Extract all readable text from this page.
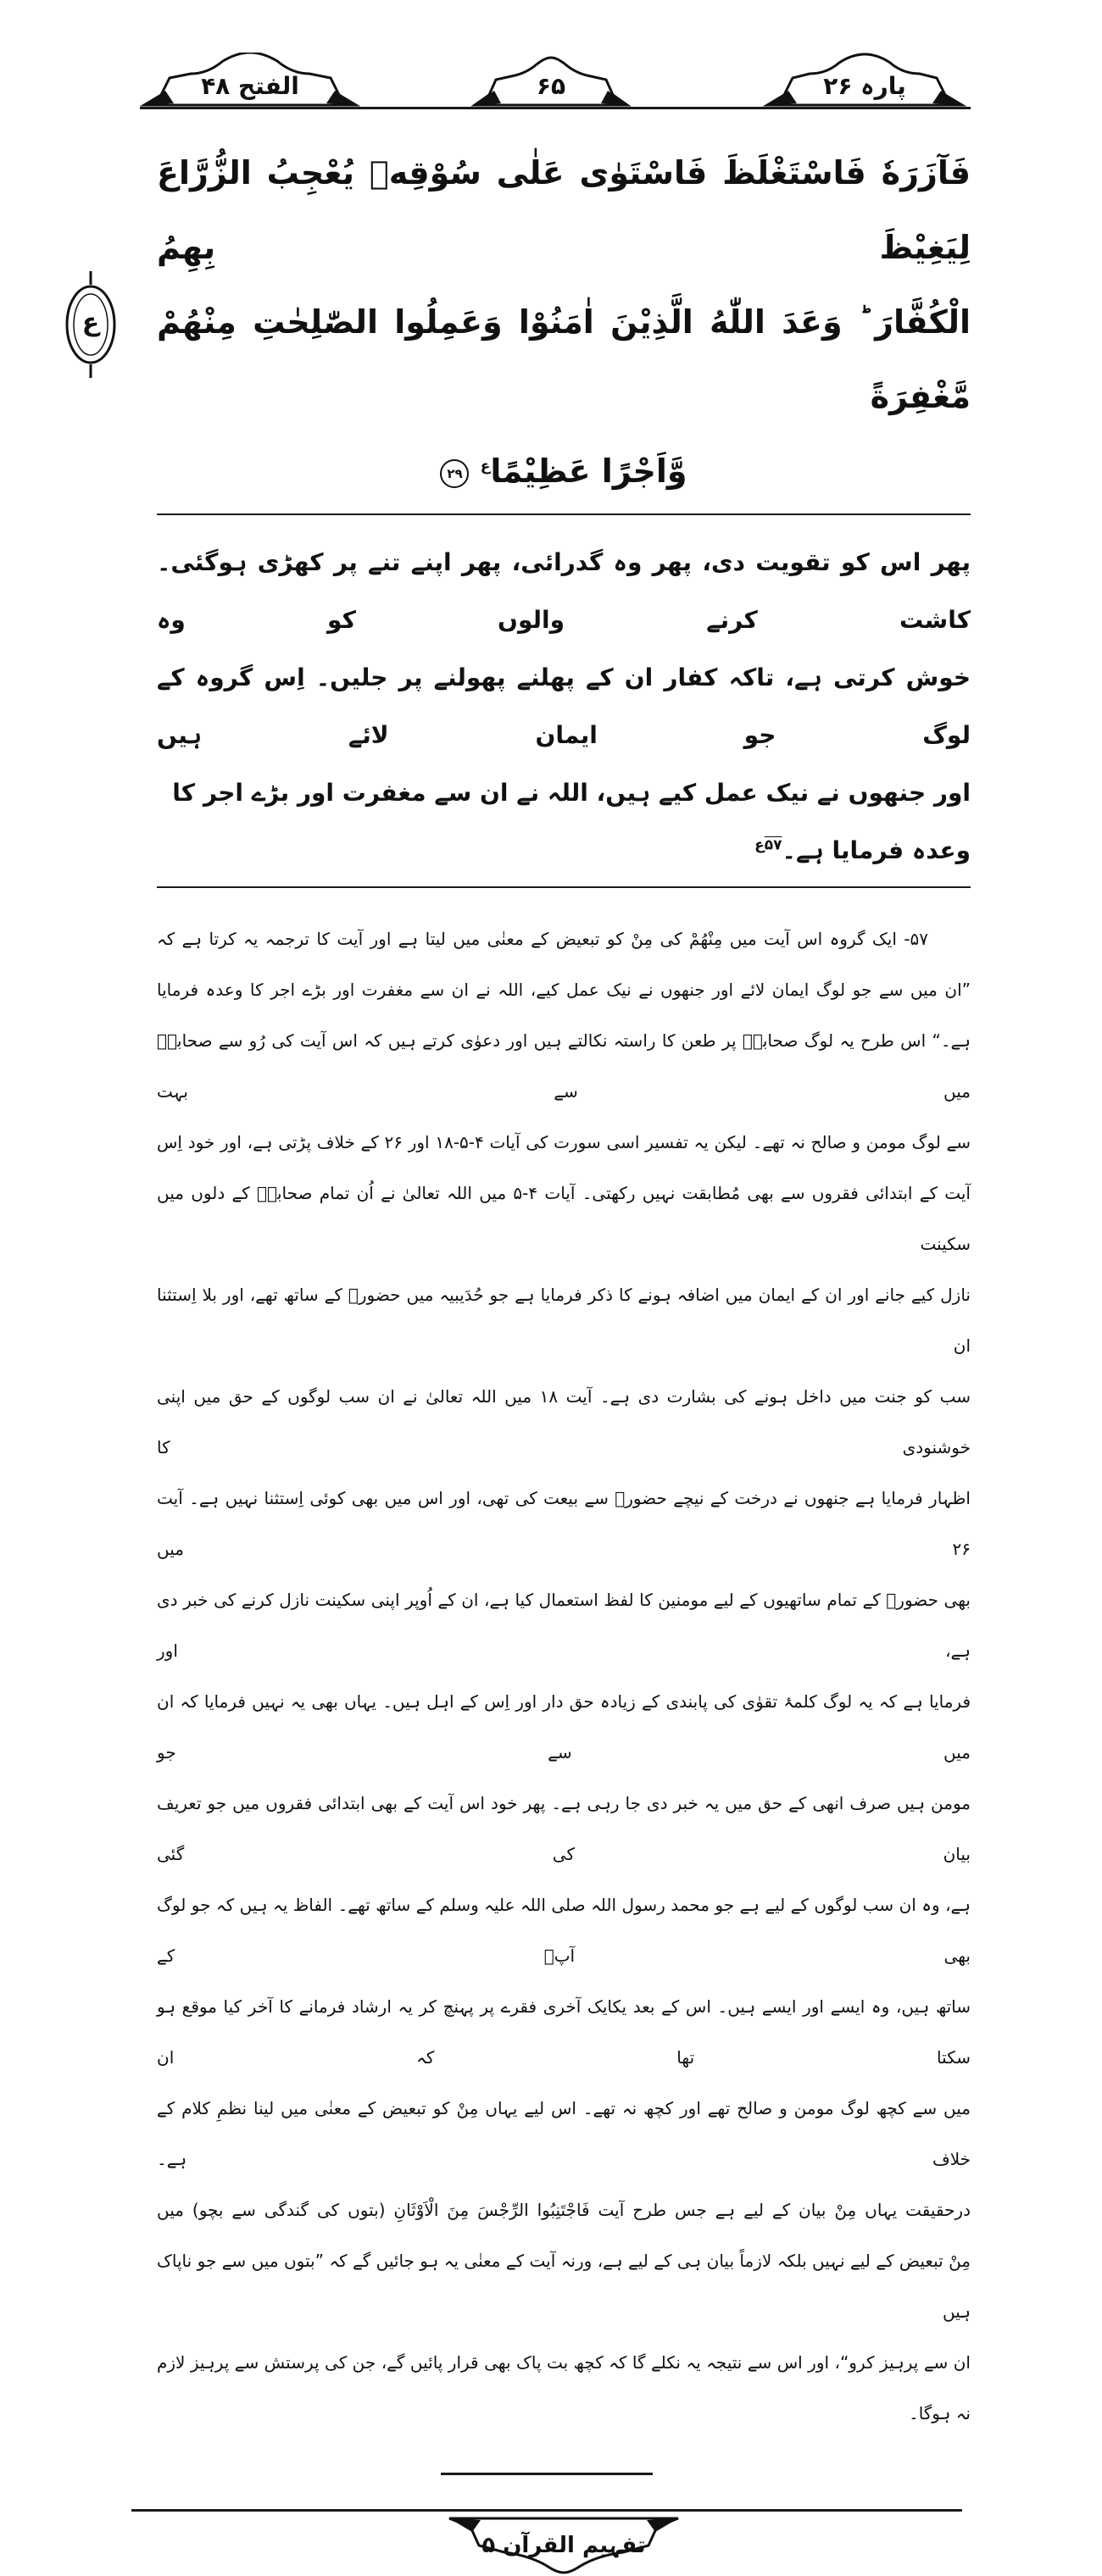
پارہ ۲۶
۶۵
الفتح ۴۸
ع
فَآزَرَهٗ فَاسْتَغْلَظَ فَاسْتَوٰى عَلٰى سُوْقِهٖ يُعْجِبُ الزُّرَّاعَ لِيَغِيْظَ بِهِمُ
الْكُفَّارَ ؕ وَعَدَ اللّٰهُ الَّذِيْنَ اٰمَنُوْا وَعَمِلُوا الصّٰلِحٰتِ مِنْهُمْ مَّغْفِرَةً
وَّاَجْرًا عَظِيْمًا$^ع$ ۲۹
پھر اس کو تقویت دی، پھر وہ گدرائی، پھر اپنے تنے پر کھڑی ہوگئی۔ کاشت کرنے والوں کو وہ
خوش کرتی ہے، تاکہ کفار ان کے پھلنے پھولنے پر جلیں۔ اِس گروہ کے لوگ جو ایمان لائے ہیں
اور جنھوں نے نیک عمل کیے ہیں، اللہ نے ان سے مغفرت اور بڑے اجر کا وعدہ فرمایا ہے۔$^{۵۷ع}$
۵۷- ایک گروہ اس آیت میں مِنْھُمْ کی مِنْ کو تبعیض کے معنٰی میں لیتا ہے اور آیت کا ترجمہ یہ کرتا ہے کہ
”ان میں سے جو لوگ ایمان لائے اور جنھوں نے نیک عمل کیے، اللہ نے ان سے مغفرت اور بڑے اجر کا وعدہ فرمایا
ہے۔“ اس طرح یہ لوگ صحابہؓ پر طعن کا راستہ نکالتے ہیں اور دعوٰی کرتے ہیں کہ اس آیت کی رُو سے صحابہؓ میں سے بہت
سے لوگ مومن و صالح نہ تھے۔ لیکن یہ تفسیر اسی سورت کی آیات ۴-۵-۱۸ اور ۲۶ کے خلاف پڑتی ہے، اور خود اِس
آیت کے ابتدائی فقروں سے بھی مُطابقت نہیں رکھتی۔ آیات ۴-۵ میں اللہ تعالیٰ نے اُن تمام صحابہؓ کے دلوں میں سکینت
نازل کیے جانے اور ان کے ایمان میں اضافہ ہونے کا ذکر فرمایا ہے جو حُدَیبیہ میں حضورؐ کے ساتھ تھے، اور بلا اِستثنا ان
سب کو جنت میں داخل ہونے کی بشارت دی ہے۔ آیت ۱۸ میں اللہ تعالیٰ نے ان سب لوگوں کے حق میں اپنی خوشنودی کا
اظہار فرمایا ہے جنھوں نے درخت کے نیچے حضورؐ سے بیعت کی تھی، اور اس میں بھی کوئی اِستثنا نہیں ہے۔ آیت ۲۶ میں
بھی حضورؐ کے تمام ساتھیوں کے لیے مومنین کا لفظ استعمال کیا ہے، ان کے اُوپر اپنی سکینت نازل کرنے کی خبر دی ہے، اور
فرمایا ہے کہ یہ لوگ کلمۂ تقوٰی کی پابندی کے زیادہ حق دار اور اِس کے اہل ہیں۔ یہاں بھی یہ نہیں فرمایا کہ ان میں سے جو
مومن ہیں صرف انھی کے حق میں یہ خبر دی جا رہی ہے۔ پھر خود اس آیت کے بھی ابتدائی فقروں میں جو تعریف بیان کی گئی
ہے، وہ ان سب لوگوں کے لیے ہے جو محمد رسول اللہ صلی اللہ علیہ وسلم کے ساتھ تھے۔ الفاظ یہ ہیں کہ جو لوگ بھی آپؐ کے
ساتھ ہیں، وہ ایسے اور ایسے ہیں۔ اس کے بعد یکایک آخری فقرے پر پہنچ کر یہ ارشاد فرمانے کا آخر کیا موقع ہو سکتا تھا کہ ان
میں سے کچھ لوگ مومن و صالح تھے اور کچھ نہ تھے۔ اس لیے یہاں مِنْ کو تبعیض کے معنٰی میں لینا نظمِ کلام کے خلاف ہے۔
درحقیقت یہاں مِنْ بیان کے لیے ہے جس طرح آیت فَاجْتَنِبُوا الرِّجْسَ مِنَ الْاَوْثَانِ (بتوں کی گندگی سے بچو) میں
مِنْ تبعیض کے لیے نہیں بلکہ لازماً بیان ہی کے لیے ہے، ورنہ آیت کے معنٰی یہ ہو جائیں گے کہ ”بتوں میں سے جو ناپاک ہیں
ان سے پرہیز کرو“، اور اس سے نتیجہ یہ نکلے گا کہ کچھ بت پاک بھی قرار پائیں گے، جن کی پرستش سے پرہیز لازم نہ ہوگا۔
تفہیم القرآن ۵
